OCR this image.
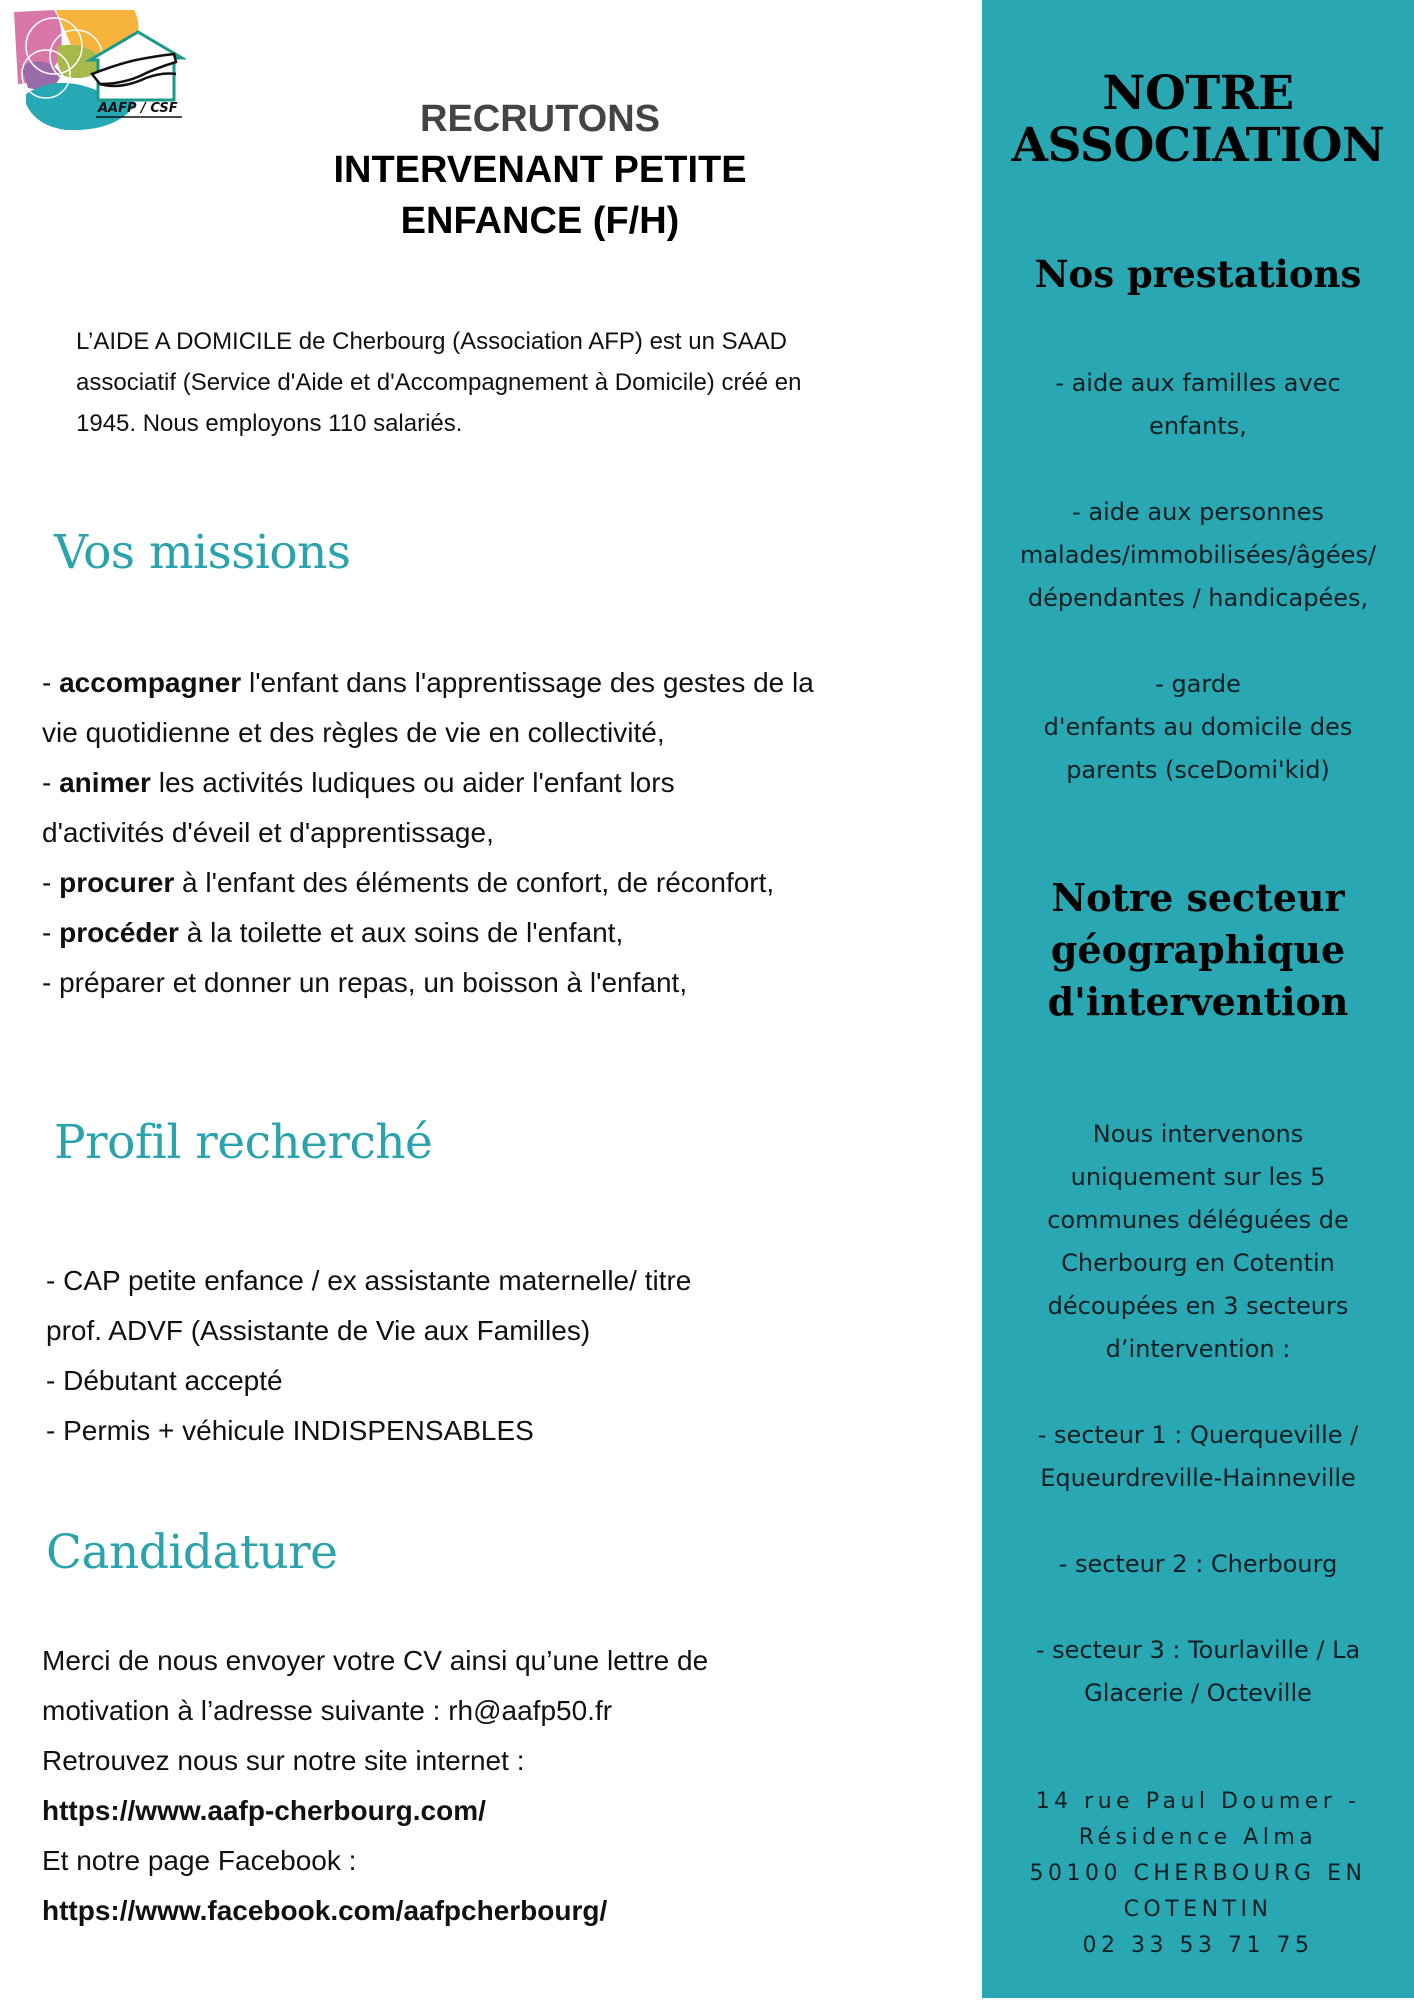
AAFP / CSF	RECRUTONS
INTERVENANT PETITE
ENFANCE (F/H)
L’AIDE A DOMICILE de Cherbourg (Association AFP) est un SAAD
associatif (Service d'Aide et d'Accompagnement à Domicile) créé en
1945. Nous employons 110 salariés.
Vos missions
- accompagner l'enfant dans l'apprentissage des gestes de la
vie quotidienne et des règles de vie en collectivité,
- animer les activités ludiques ou aider l'enfant lors
d'activités d'éveil et d'apprentissage,
- procurer à l'enfant des éléments de confort, de réconfort,
- procéder à la toilette et aux soins de l'enfant,
- préparer et donner un repas, un boisson à l'enfant,
Profil recherché
- CAP petite enfance / ex assistante maternelle/ titre
prof. ADVF (Assistante de Vie aux Familles)
- Débutant accepté
- Permis + véhicule INDISPENSABLES
Candidature
Merci de nous envoyer votre CV ainsi qu’une lettre de
motivation à l’adresse suivante : rh@aafp50.fr
Retrouvez nous sur notre site internet :
https://www.aafp-cherbourg.com/
Et notre page Facebook :
https://www.facebook.com/aafpcherbourg/
NOTRE
ASSOCIATION
Nos prestations
- aide aux familles avec
enfants,
- aide aux personnes
malades/immobilisées/âgées/
dépendantes / handicapées,
- garde
d'enfants au domicile des
parents (sceDomi'kid)
Notre secteur
géographique
d'intervention
Nous intervenons
uniquement sur les 5
communes déléguées de
Cherbourg en Cotentin
découpées en 3 secteurs
d’intervention :
- secteur 1 : Querqueville /
Equeurdreville-Hainneville
- secteur 2 : Cherbourg
- secteur 3 : Tourlaville / La
Glacerie / Octeville
14 rue Paul Doumer -
Résidence Alma
50100 CHERBOURG EN
COTENTIN
02 33 53 71 75
